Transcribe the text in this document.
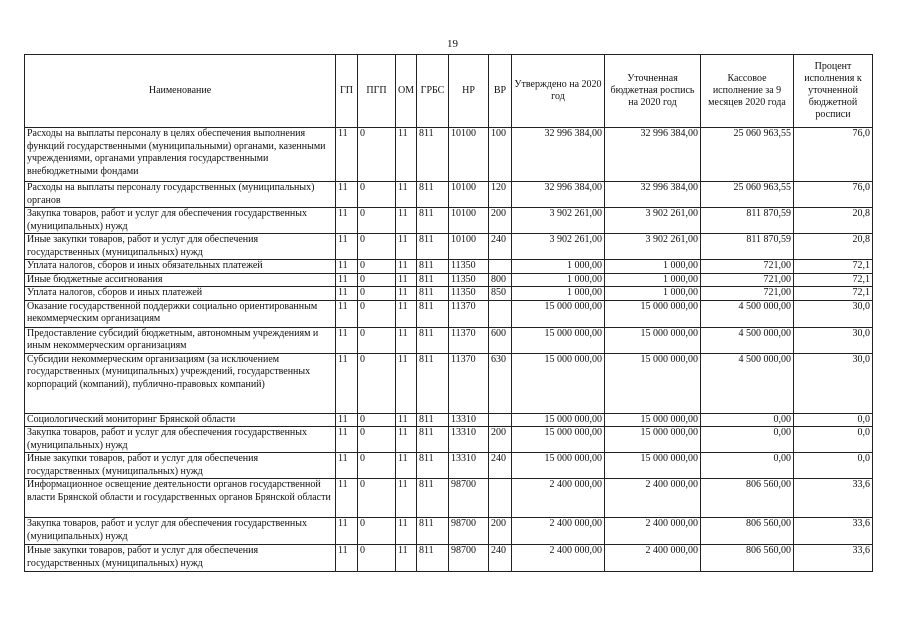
19
Наименование	ГП	ПГП	ОМ	ГРБС	НР	ВР	Утверждено на 2020 год	Уточненная бюджетная роспись на 2020 год	Кассовое исполнение за 9 месяцев 2020 года	Процент исполнения к уточненной бюджетной росписи
Расходы на выплаты персоналу в целях обеспечения выполнения функций государственными (муниципальными) органами, казенными учреждениями, органами управления государственными внебюджетными фондами	11	0	11	811	10100	100	32 996 384,00	32 996 384,00	25 060 963,55	76,0
Расходы на выплаты персоналу государственных (муниципальных) органов	11	0	11	811	10100	120	32 996 384,00	32 996 384,00	25 060 963,55	76,0
Закупка товаров, работ и услуг для обеспечения государственных (муниципальных) нужд	11	0	11	811	10100	200	3 902 261,00	3 902 261,00	811 870,59	20,8
Иные закупки товаров, работ и услуг для обеспечения государственных (муниципальных) нужд	11	0	11	811	10100	240	3 902 261,00	3 902 261,00	811 870,59	20,8
Уплата налогов, сборов и иных обязательных платежей	11	0	11	811	11350		1 000,00	1 000,00	721,00	72,1
Иные бюджетные ассигнования	11	0	11	811	11350	800	1 000,00	1 000,00	721,00	72,1
Уплата налогов, сборов и иных платежей	11	0	11	811	11350	850	1 000,00	1 000,00	721,00	72,1
Оказание государственной поддержки социально ориентированным некоммерческим организациям	11	0	11	811	11370		15 000 000,00	15 000 000,00	4 500 000,00	30,0
Предоставление субсидий бюджетным, автономным учреждениям и иным некоммерческим организациям	11	0	11	811	11370	600	15 000 000,00	15 000 000,00	4 500 000,00	30,0
Субсидии некоммерческим организациям (за исключением государственных (муниципальных) учреждений, государственных корпораций (компаний), публично-правовых компаний)	11	0	11	811	11370	630	15 000 000,00	15 000 000,00	4 500 000,00	30,0
Социологический мониторинг Брянской области	11	0	11	811	13310		15 000 000,00	15 000 000,00	0,00	0,0
Закупка товаров, работ и услуг для обеспечения государственных (муниципальных) нужд	11	0	11	811	13310	200	15 000 000,00	15 000 000,00	0,00	0,0
Иные закупки товаров, работ и услуг для обеспечения государственных (муниципальных) нужд	11	0	11	811	13310	240	15 000 000,00	15 000 000,00	0,00	0,0
Информационное освещение деятельности органов государственной власти Брянской области и государственных органов Брянской области	11	0	11	811	98700		2 400 000,00	2 400 000,00	806 560,00	33,6
Закупка товаров, работ и услуг для обеспечения государственных (муниципальных) нужд	11	0	11	811	98700	200	2 400 000,00	2 400 000,00	806 560,00	33,6
Иные закупки товаров, работ и услуг для обеспечения государственных (муниципальных) нужд	11	0	11	811	98700	240	2 400 000,00	2 400 000,00	806 560,00	33,6
